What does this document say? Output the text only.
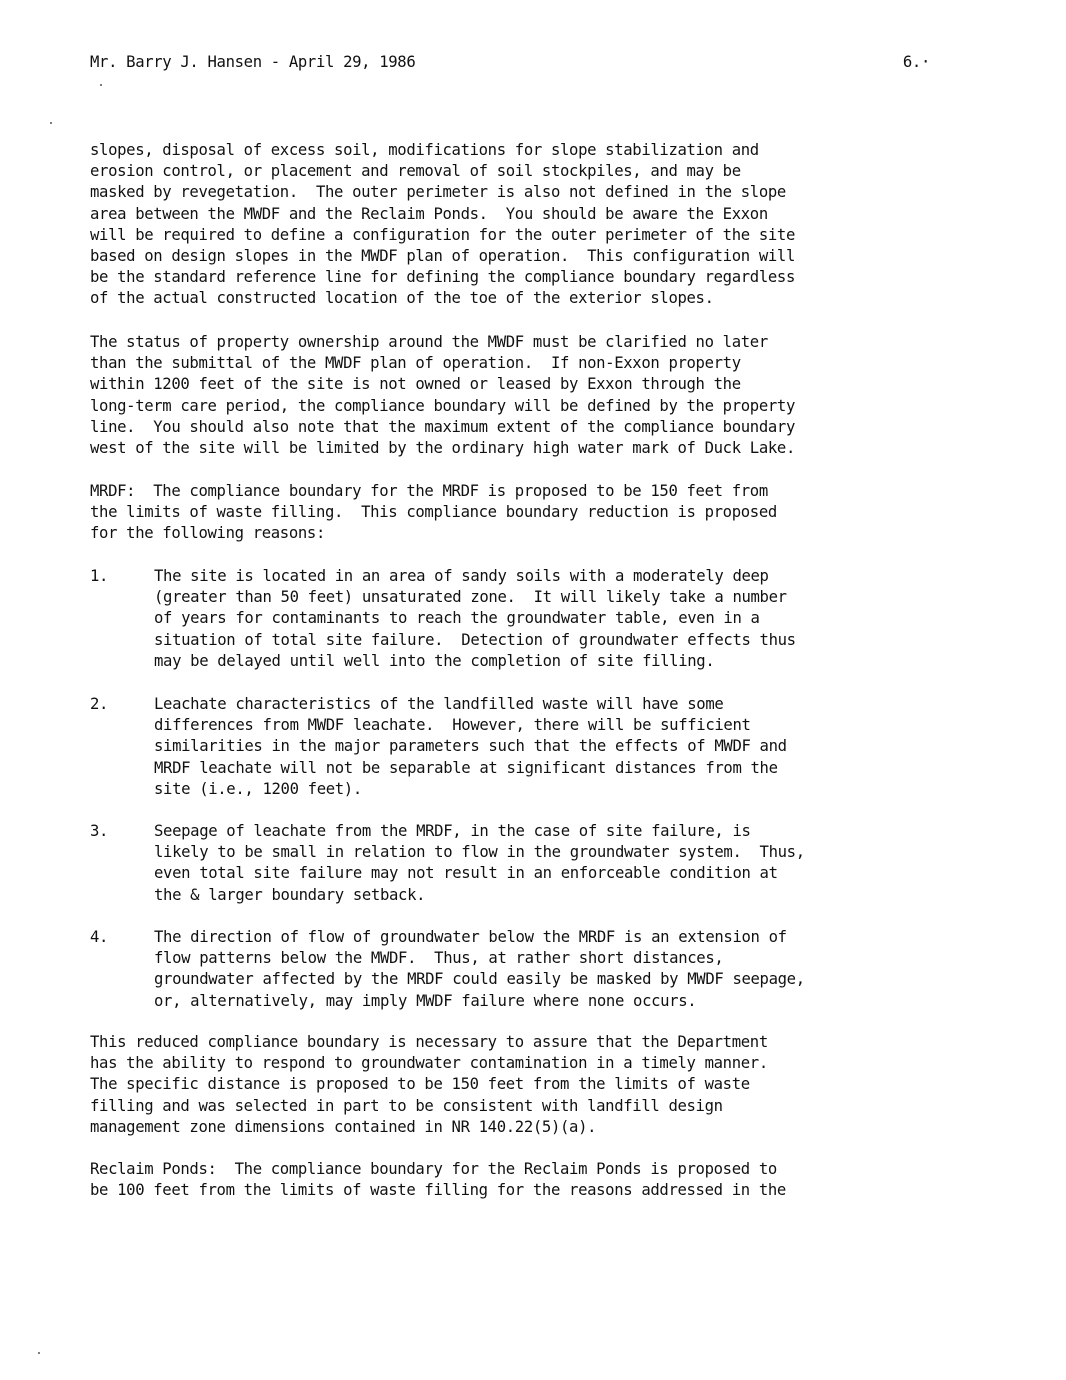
Mr. Barry J. Hansen - April 29, 1986	6.·
slopes, disposal of excess soil, modifications for slope stabilization and
erosion control, or placement and removal of soil stockpiles, and may be
masked by revegetation.  The outer perimeter is also not defined in the slope
area between the MWDF and the Reclaim Ponds.  You should be aware the Exxon
will be required to define a configuration for the outer perimeter of the site
based on design slopes in the MWDF plan of operation.  This configuration will
be the standard reference line for defining the compliance boundary regardless
of the actual constructed location of the toe of the exterior slopes.
The status of property ownership around the MWDF must be clarified no later
than the submittal of the MWDF plan of operation.  If non-Exxon property
within 1200 feet of the site is not owned or leased by Exxon through the
long-term care period, the compliance boundary will be defined by the property
line.  You should also note that the maximum extent of the compliance boundary
west of the site will be limited by the ordinary high water mark of Duck Lake.
MRDF:  The compliance boundary for the MRDF is proposed to be 150 feet from
the limits of waste filling.  This compliance boundary reduction is proposed
for the following reasons:
1.	The site is located in an area of sandy soils with a moderately deep
(greater than 50 feet) unsaturated zone.  It will likely take a number
of years for contaminants to reach the groundwater table, even in a
situation of total site failure.  Detection of groundwater effects thus
may be delayed until well into the completion of site filling.
2.	Leachate characteristics of the landfilled waste will have some
differences from MWDF leachate.  However, there will be sufficient
similarities in the major parameters such that the effects of MWDF and
MRDF leachate will not be separable at significant distances from the
site (i.e., 1200 feet).
3.	Seepage of leachate from the MRDF, in the case of site failure, is
likely to be small in relation to flow in the groundwater system.  Thus,
even total site failure may not result in an enforceable condition at
the & larger boundary setback.
4.	The direction of flow of groundwater below the MRDF is an extension of
flow patterns below the MWDF.  Thus, at rather short distances,
groundwater affected by the MRDF could easily be masked by MWDF seepage,
or, alternatively, may imply MWDF failure where none occurs.
This reduced compliance boundary is necessary to assure that the Department
has the ability to respond to groundwater contamination in a timely manner.
The specific distance is proposed to be 150 feet from the limits of waste
filling and was selected in part to be consistent with landfill design
management zone dimensions contained in NR 140.22(5)(a).
Reclaim Ponds:  The compliance boundary for the Reclaim Ponds is proposed to
be 100 feet from the limits of waste filling for the reasons addressed in the
